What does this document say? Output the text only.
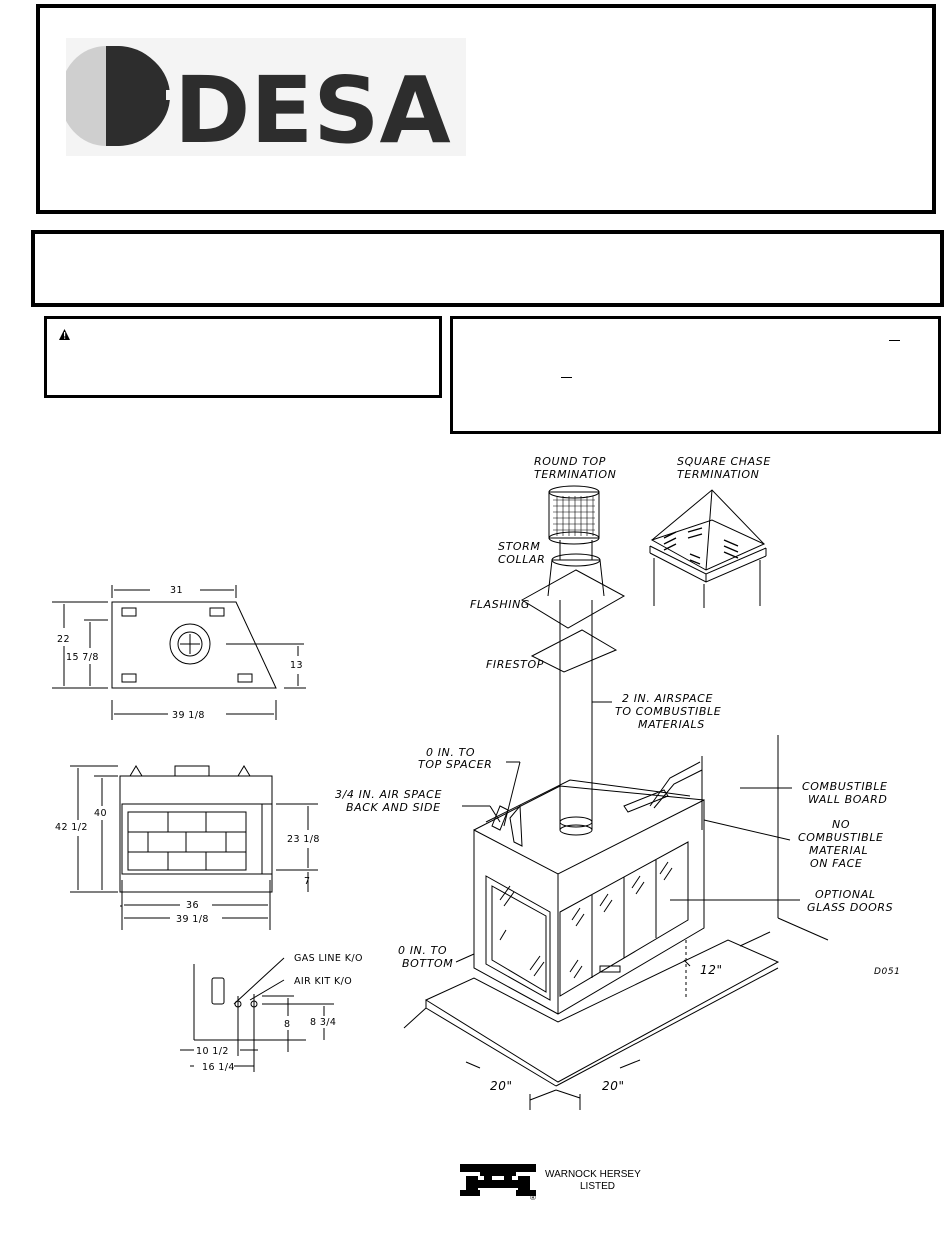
DESA
ROUND TOP
TERMINATION
SQUARE CHASE
TERMINATION
STORM
COLLAR
FLASHING
FIRESTOP
2 IN. AIRSPACE
TO COMBUSTIBLE
MATERIALS
0 IN. TO
TOP SPACER
3/4 IN. AIR SPACE
BACK AND SIDE
COMBUSTIBLE
WALL BOARD
NO
COMBUSTIBLE
MATERIAL
ON FACE
OPTIONAL
GLASS DOORS
0 IN. TO
BOTTOM	12"
20"	20"
D051
31
22
15 7/8
13
39 1/8
42 1/2
40
23 1/8
7
36
39 1/8
GAS LINE K/O
AIR KIT K/O
8 8 3/4
10 1/2
16 1/4
WARNOCK HERSEY
LISTED
®
